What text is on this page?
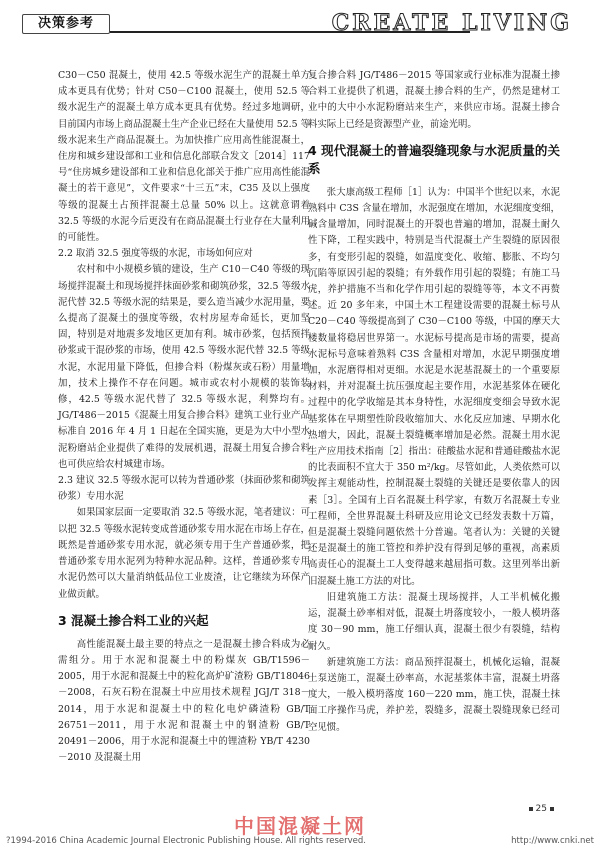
决策参考	CREATE LIVING

C30－C50 混凝土，使用 42.5 等级水泥生产的混凝土单方成本更具有优势；针对 C50－C100 混凝土，使用 52.5 等级水泥生产的混凝土单方成本更具有优势。经过多地调研，目前国内市场上商品混凝土生产企业已经在大量使用 52.5 等级水泥来生产商品混凝土。为加快推广应用高性能混凝土，住房和城乡建设部和工业和信息化部联合发文［2014］117号“住房城乡建设部和工业和信息化部关于推广应用高性能混凝土的若干意见”，文件要求“十三五”末，C35 及以上强度等级的混凝土占预拌混凝土总量 50% 以上。这就意谓着 32.5 等级的水泥今后更没有在商品混凝土行业存在大量利用的可能性。

2.2 取消 32.5 强度等级的水泥，市场如何应对

农村和中小规模乡镇的建设，生产 C10－C40 等级的现场搅拌混凝土和现场搅拌抹面砂浆和砌筑砂浆，32.5 等级水泥代替 32.5 等级水泥的结果是，要么造当减少水泥用量，要么提高了混凝土的强度等级，农村房屋寿命延长，更加坚固，特别是对地震多发地区更加有利。城市砂浆，包括预拌砂浆或干混砂浆的市场，使用 42.5 等级水泥代替 32.5 等级水泥，水泥用量下降低，但掺合料（粉煤灰或石粉）用量增加，技术上操作不存在问题。城市或农村小规模的装饰装修，42.5 等级水泥代替了 32.5 等级水泥，利弊均有。JG/T486－2015《混凝土用复合掺合料》建筑工业行业产品标准自 2016 年 4 月 1 日起在全国实施，更是为大中小型水泥粉磨站企业提供了难得的发展机遇，混凝土用复合掺合料也可供应给农村城建市场。

2.3 建议 32.5 等级水泥可以转为普通砂浆（抹面砂浆和砌筑砂浆）专用水泥

如果国家层面一定要取消 32.5 等级水泥，笔者建议：可以把 32.5 等级水泥转变成普通砂浆专用水泥在市场上存在，既然是普通砂浆专用水泥，就必须专用于生产普通砂浆，把普通砂浆专用水泥列为特种水泥品种。这样，普通砂浆专用水泥仍然可以大量消纳低品位工业废渣，让它继续为环保产业做贡献。

3 混凝土掺合料工业的兴起

高性能混凝土最主要的特点之一是混凝土掺合料成为必需组分。用于水泥和混凝土中的粉煤灰 GB/T1596－2005，用于水泥和混凝土中的粒化高炉矿渣粉 GB/T18046－2008，石灰石粉在混凝土中应用技术规程 JGJ/T 318－2014，用于水泥和混凝土中的粒化电炉磷渣粉 GB/T 26751－2011，用于水泥和混凝土中的钢渣粉 GB/T 20491－2006，用于水泥和混凝土中的锂渣粉 YB/T 4230－2010 及混凝土用

复合掺合料 JG/T486－2015 等国家或行业标准为混凝土掺合料工业提供了机遇，混凝土掺合料的生产，仍然是建材工业中的大中小水泥粉磨站来生产，来供应市场。混凝土掺合料实际上已经是资源型产业，前途光明。

4 现代混凝土的普遍裂缝现象与水泥质量的关系

张大康高级工程师［1］认为：中国半个世纪以来，水泥熟料中 C3S 含量在增加，水泥强度在增加，水泥细度变细，碱含量增加，同时混凝土的开裂也普遍的增加，混凝土耐久性下降，工程实践中，特别是当代混凝土产生裂缝的原因很多，有变形引起的裂缝，如温度变化、收缩、膨胀、不均匀沉陷等原因引起的裂缝；有外载作用引起的裂缝；有施工马虎，养护措施不当和化学作用引起的裂缝等等，本文不再赘述。近 20 多年来，中国土木工程建设需要的混凝土标号从 C20－C40 等级提高到了 C30－C100 等级，中国的摩天大楼数量将稳居世界第一。水泥标号提高是市场的需要，提高水泥标号意味着熟料 C3S 含量相对增加，水泥早期强度增加，水泥磨得相对更细。水泥是水泥基混凝土的一个重要原材料，并对混凝土抗压强度起主要作用，水泥基浆体在硬化过程中的化学收缩是其本身特性，水泥细度变细会导致水泥基浆体在早期塑性阶段收缩加大、水化反应加速、早期水化热增大，因此，混凝土裂缝概率增加是必然。混凝土用水泥生产应用技术指南［2］指出：硅酸盐水泥和普通硅酸盐水泥的比表面积不宜大于 350 m²/kg。尽管如此，人类依然可以发挥主观能动性，控制混凝土裂缝的关键还是要依靠人的因素［3］。全国有上百名混凝土科学家，有数万名混凝土专业工程师，全世界混凝土科研及应用论文已经发表数十万篇，但是混凝土裂缝问题依然十分普遍。笔者认为：关键的关键还是混凝土的施工管控和养护没有得到足够的重视，高素质高责任心的混凝土工人变得越来越屈指可数。这里列举出新旧混凝土施工方法的对比。

旧建筑施工方法：混凝土现场搅拌，人工半机械化搬运，混凝土砂率相对低，混凝土坍落度较小，一般人模坍落度 30－90 mm，施工仔细认真，混凝土很少有裂缝，结构耐久。

新建筑施工方法：商品预拌混凝土，机械化运输，混凝土泵送施工，混凝土砂率高，水泥基浆体丰富，混凝土坍落度大，一般入模坍落度 160－220 mm，施工快，混凝土抹面工序操作马虎，养护差，裂缝多，混凝土裂缝现象已经司空见惯。

25
中国混凝土网
?1994-2016 China Academic Journal Electronic Publishing House. All rights reserved.	http://www.cnki.net
